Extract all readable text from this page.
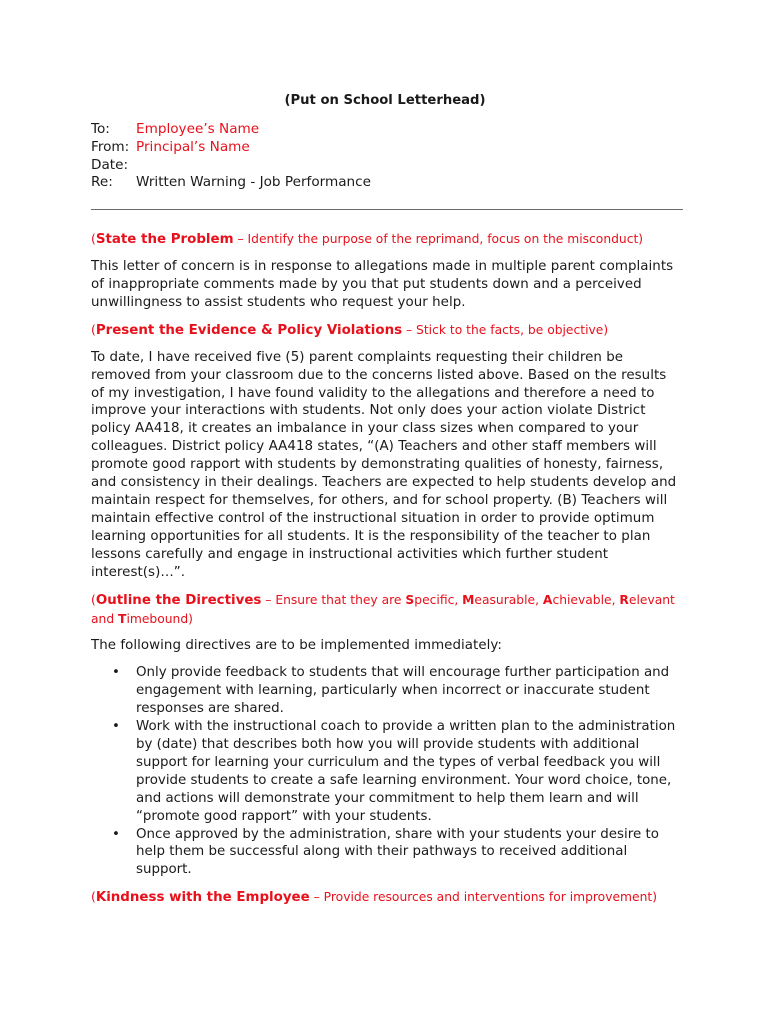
(Put on School Letterhead)
To:	Employee’s Name
From: Principal’s Name
Date:
Re:	Written Warning - Job Performance
(State the Problem – Identify the purpose of the reprimand, focus on the misconduct)

This letter of concern is in response to allegations made in multiple parent complaints of inappropriate comments made by you that put students down and a perceived unwillingness to assist students who request your help.

(Present the Evidence & Policy Violations – Stick to the facts, be objective)

To date, I have received five (5) parent complaints requesting their children be removed from your classroom due to the concerns listed above. Based on the results of my investigation, I have found validity to the allegations and therefore a need to improve your interactions with students. Not only does your action violate District policy AA418, it creates an imbalance in your class sizes when compared to your colleagues. District policy AA418 states, “(A) Teachers and other staff members will promote good rapport with students by demonstrating qualities of honesty, fairness, and consistency in their dealings. Teachers are expected to help students develop and maintain respect for themselves, for others, and for school property. (B) Teachers will maintain effective control of the instructional situation in order to provide optimum learning opportunities for all students. It is the responsibility of the teacher to plan lessons carefully and engage in instructional activities which further student interest(s)…”.

(Outline the Directives – Ensure that they are Specific, Measurable, Achievable, Relevant and Timebound)

The following directives are to be implemented immediately:

• Only provide feedback to students that will encourage further participation and engagement with learning, particularly when incorrect or inaccurate student responses are shared.
• Work with the instructional coach to provide a written plan to the administration by (date) that describes both how you will provide students with additional support for learning your curriculum and the types of verbal feedback you will provide students to create a safe learning environment. Your word choice, tone, and actions will demonstrate your commitment to help them learn and will “promote good rapport” with your students.
• Once approved by the administration, share with your students your desire to help them be successful along with their pathways to received additional support.
(Kindness with the Employee – Provide resources and interventions for improvement)
